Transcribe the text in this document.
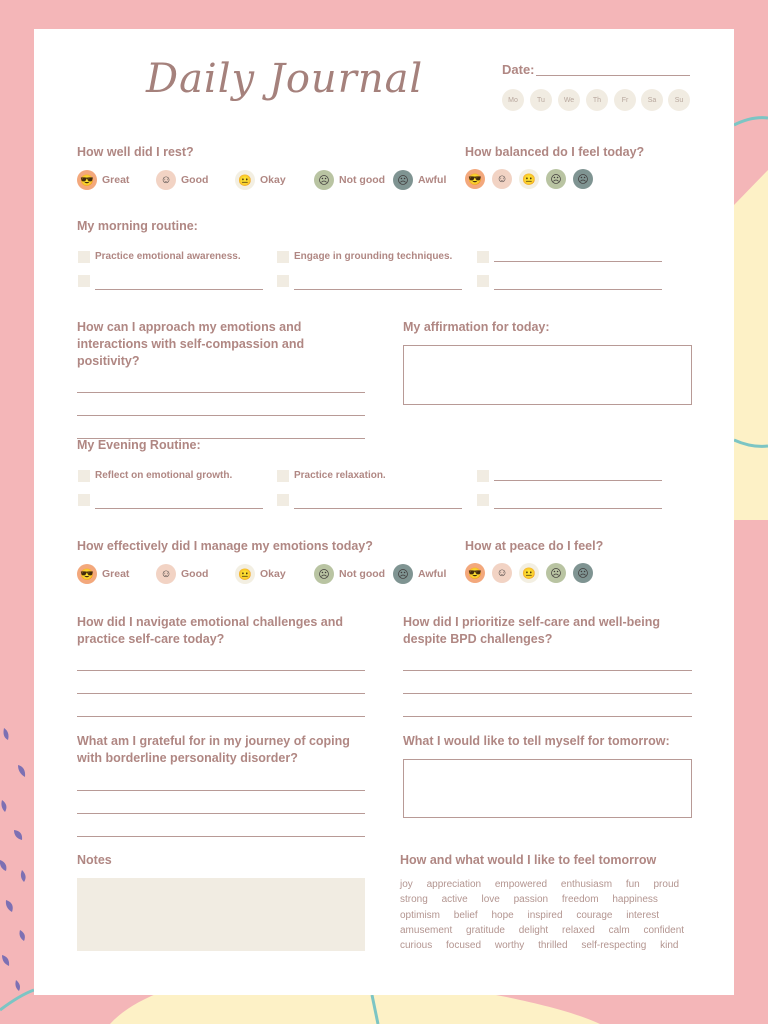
Daily Journal	Date:
Mo	Tu	We	Th	Fr	Sa	Su
How well did I rest?
😎 Great	☺ Good	😐 Okay	☹ Not good	☹ Awful
How balanced do I feel today?
😎	☺	😐	☹	☹
My morning routine:
Practice emotional awareness.	Engage in grounding techniques.
How can I approach my emotions and interactions with self-compassion and positivity?
My affirmation for today:
My Evening Routine:
Reflect on emotional growth.	Practice relaxation.
How effectively did I manage my emotions today?
😎 Great	☺ Good	😐 Okay	☹ Not good	☹ Awful
How at peace do I feel?
😎	☺	😐	☹	☹
How did I navigate emotional challenges and practice self-care today?
How did I prioritize self-care and well-being despite BPD challenges?
What am I grateful for in my journey of coping with borderline personality disorder?
What I would like to tell myself for tomorrow:
Notes	How and what would I like to feel tomorrow
joy appreciation empowered enthusiasm fun proud
strong active love passion freedom happiness
optimism belief hope inspired courage interest
amusement gratitude delight relaxed calm confident
curious focused worthy thrilled self-respecting kind
